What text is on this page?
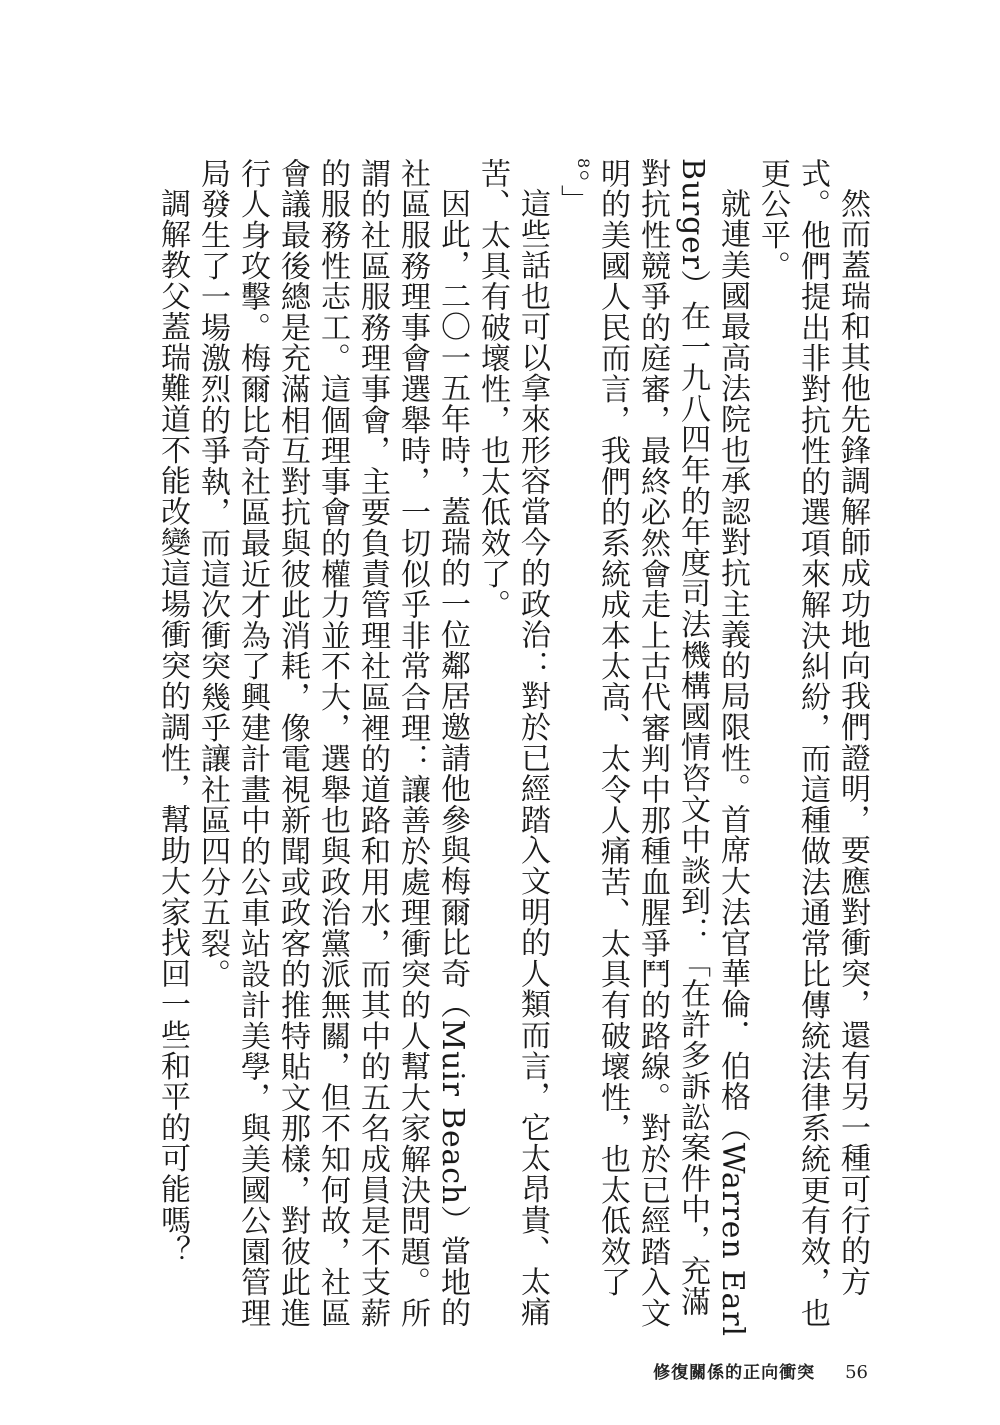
然而蓋瑞和其他先鋒調解師成功地向我們證明，要應對衝突，還有另一種可行的方式。他們提出非對抗性的選項來解決糾紛，而這種做法通常比傳統法律系統更有效，也更公平。

就連美國最高法院也承認對抗主義的局限性。首席大法官華倫．伯格（Warren Earl Burger）在一九八四年的年度司法機構國情咨文中談到：「在許多訴訟案件中，充滿對抗性競爭的庭審，最終必然會走上古代審判中那種血腥爭鬥的路線。對於已經踏入文明的美國人民而言，我們的系統成本太高、太令人痛苦、太具有破壞性，也太低效了$^8$。」

這些話也可以拿來形容當今的政治：對於已經踏入文明的人類而言，它太昂貴、太痛苦、太具有破壞性，也太低效了。

因此，二〇一五年時，蓋瑞的一位鄰居邀請他參與梅爾比奇（Muir Beach）當地的社區服務理事會選舉時，一切似乎非常合理：讓善於處理衝突的人幫大家解決問題。所謂的社區服務理事會，主要負責管理社區裡的道路和用水，而其中的五名成員是不支薪的服務性志工。這個理事會的權力並不大，選舉也與政治黨派無關，但不知何故，社區會議最後總是充滿相互對抗與彼此消耗，像電視新聞或政客的推特貼文那樣，對彼此進行人身攻擊。梅爾比奇社區最近才為了興建計畫中的公車站設計美學，與美國公園管理局發生了一場激烈的爭執，而這次衝突幾乎讓社區四分五裂。

調解教父蓋瑞難道不能改變這場衝突的調性，幫助大家找回一些和平的可能嗎？

修復關係的正向衝突 56
